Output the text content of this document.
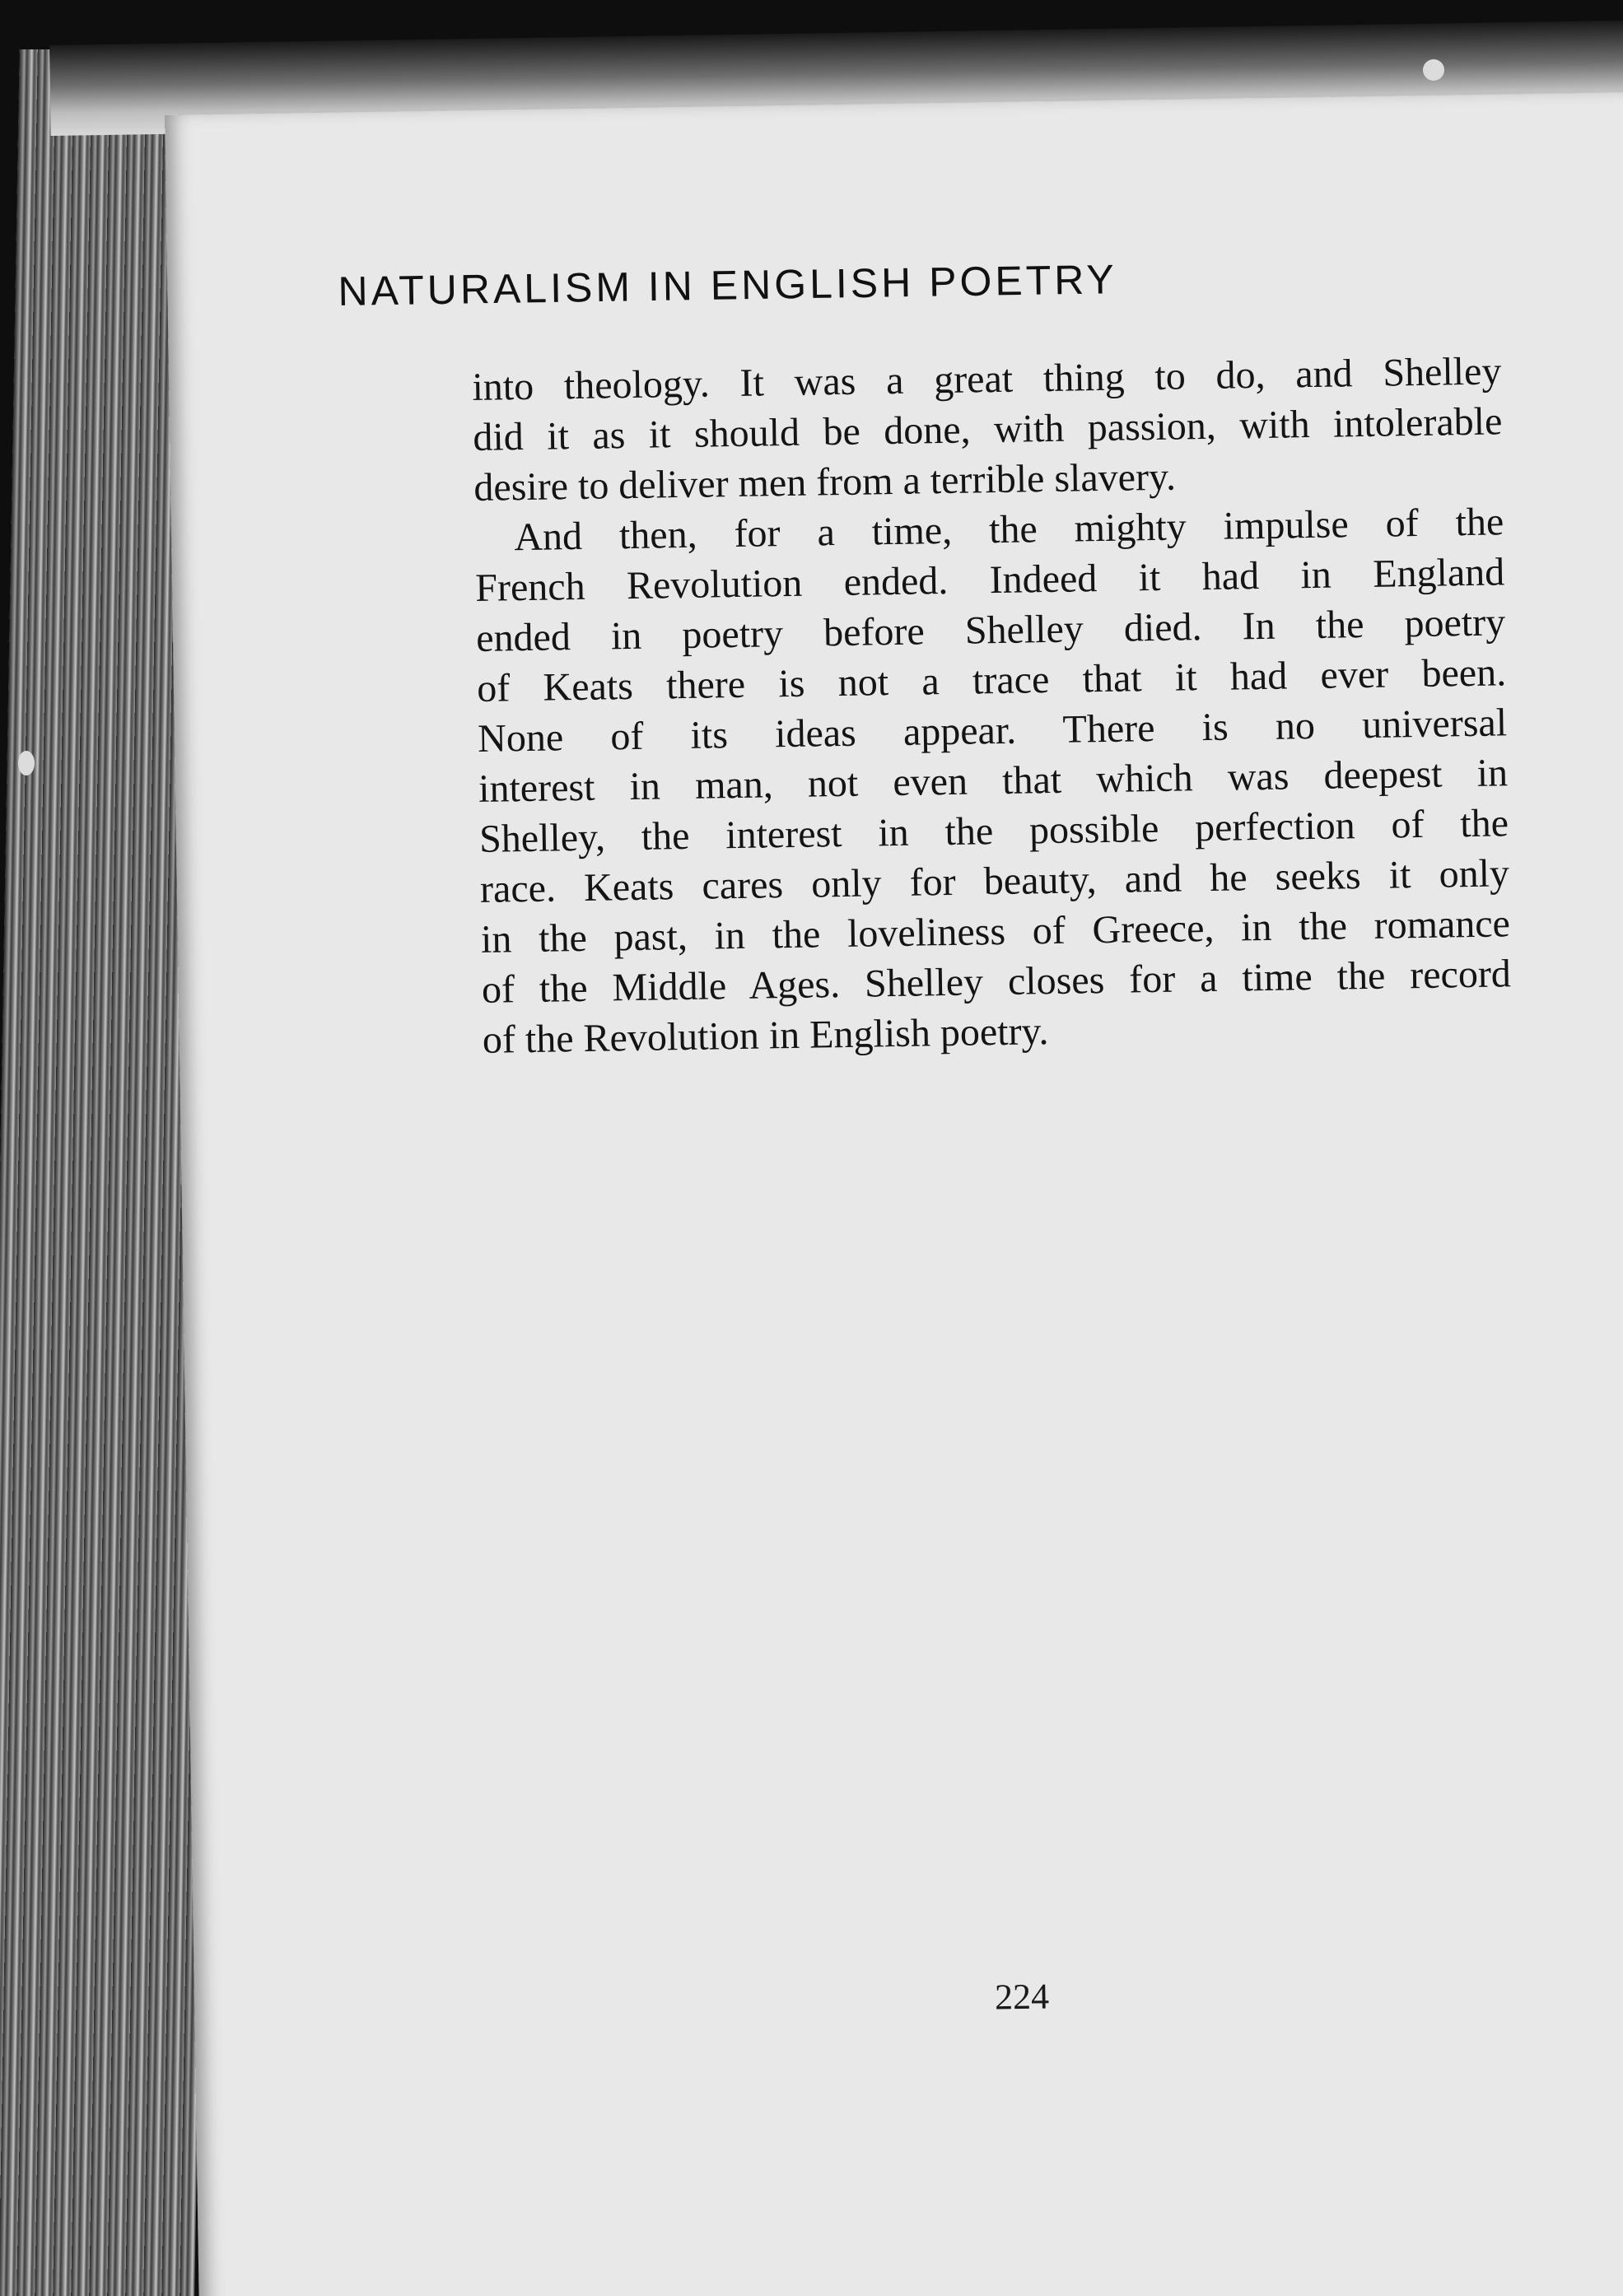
NATURALISM IN ENGLISH POETRY
into theology. It was a great thing to do, and Shelley
did it as it should be done, with passion, with intolerable
desire to deliver men from a terrible slavery.
And then, for a time, the mighty impulse of the
French Revolution ended. Indeed it had in England
ended in poetry before Shelley died. In the poetry
of Keats there is not a trace that it had ever been.
None of its ideas appear. There is no universal
interest in man, not even that which was deepest in
Shelley, the interest in the possible perfection of the
race. Keats cares only for beauty, and he seeks it only
in the past, in the loveliness of Greece, in the romance
of the Middle Ages. Shelley closes for a time the record
of the Revolution in English poetry.
224
